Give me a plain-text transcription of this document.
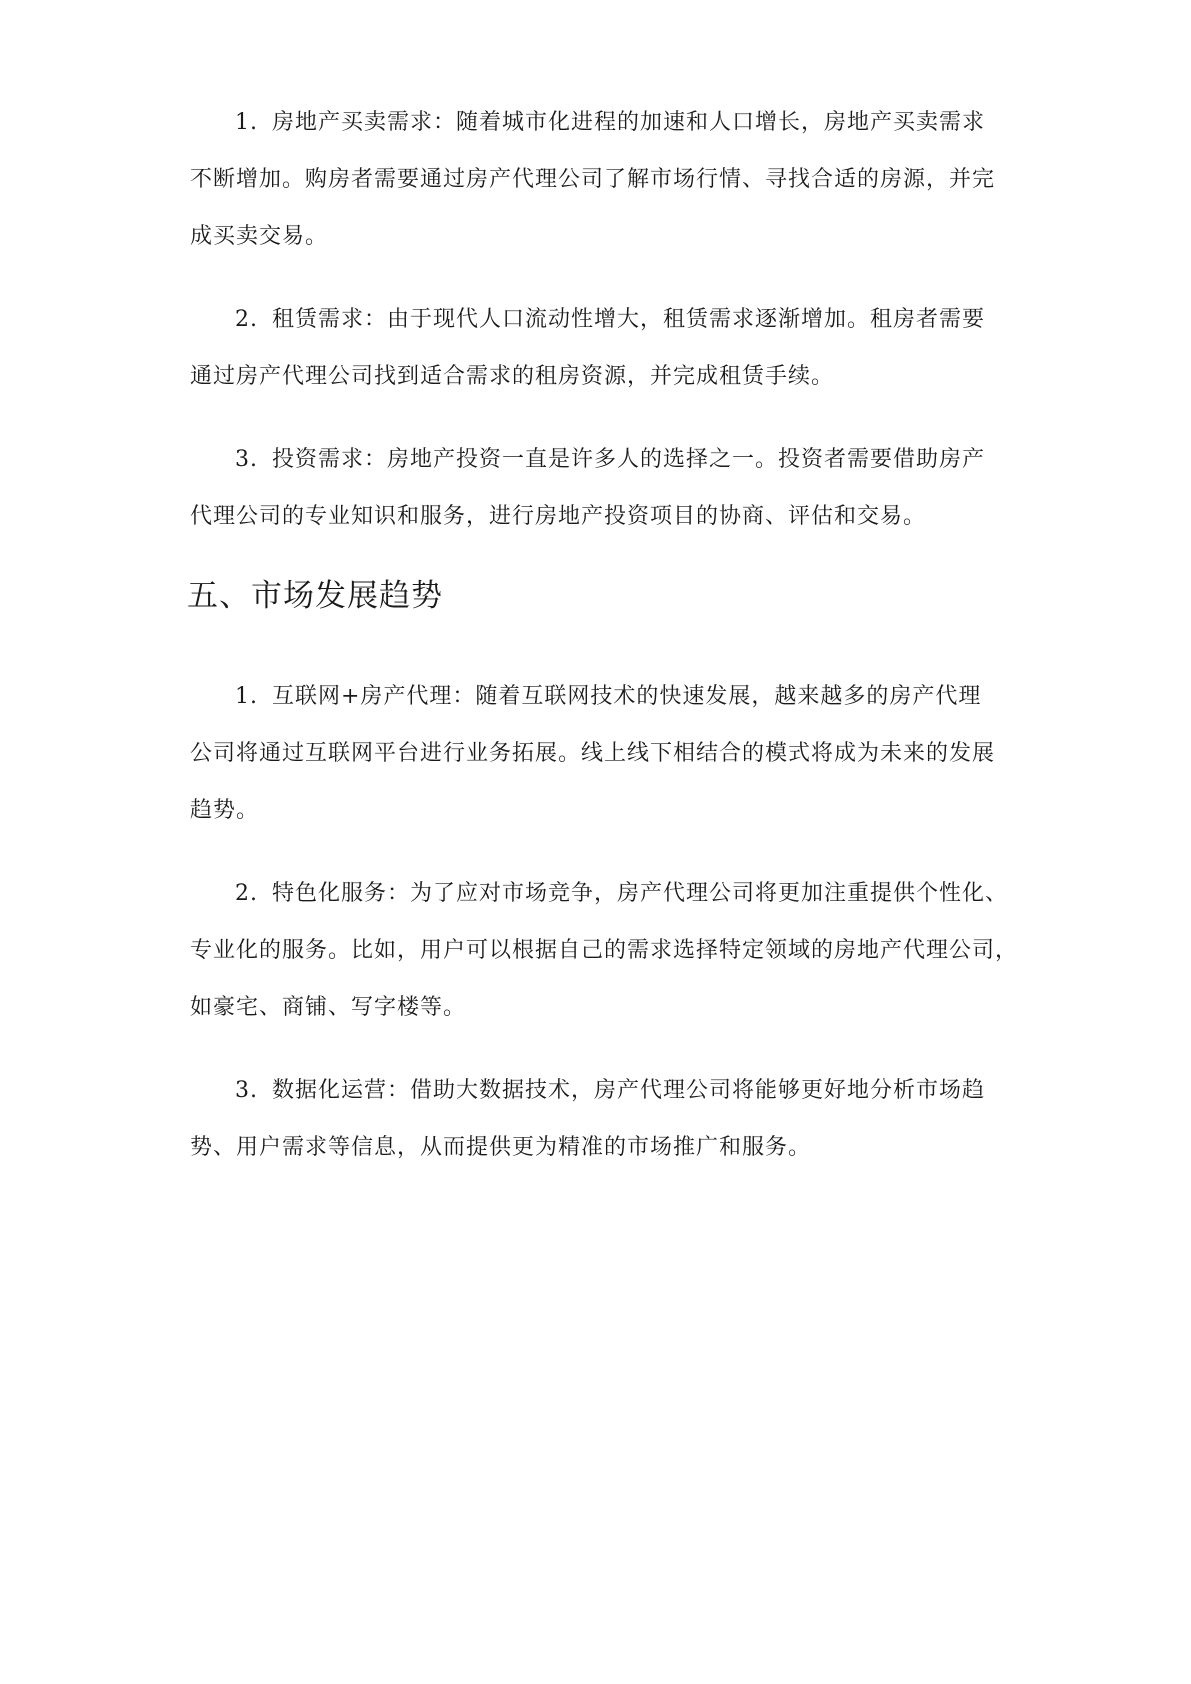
1. 房地产买卖需求：随着城市化进程的加速和人口增长，房地产买卖需求
不断增加。购房者需要通过房产代理公司了解市场行情、寻找合适的房源，并完
成买卖交易。
2. 租赁需求：由于现代人口流动性增大，租赁需求逐渐增加。租房者需要
通过房产代理公司找到适合需求的租房资源，并完成租赁手续。
3. 投资需求：房地产投资一直是许多人的选择之一。投资者需要借助房产
代理公司的专业知识和服务，进行房地产投资项目的协商、评估和交易。
五、市场发展趋势
1. 互联网+房产代理：随着互联网技术的快速发展，越来越多的房产代理
公司将通过互联网平台进行业务拓展。线上线下相结合的模式将成为未来的发展
趋势。
2. 特色化服务：为了应对市场竞争，房产代理公司将更加注重提供个性化、
专业化的服务。比如，用户可以根据自己的需求选择特定领域的房地产代理公司，
如豪宅、商铺、写字楼等。
3. 数据化运营：借助大数据技术，房产代理公司将能够更好地分析市场趋
势、用户需求等信息，从而提供更为精准的市场推广和服务。
